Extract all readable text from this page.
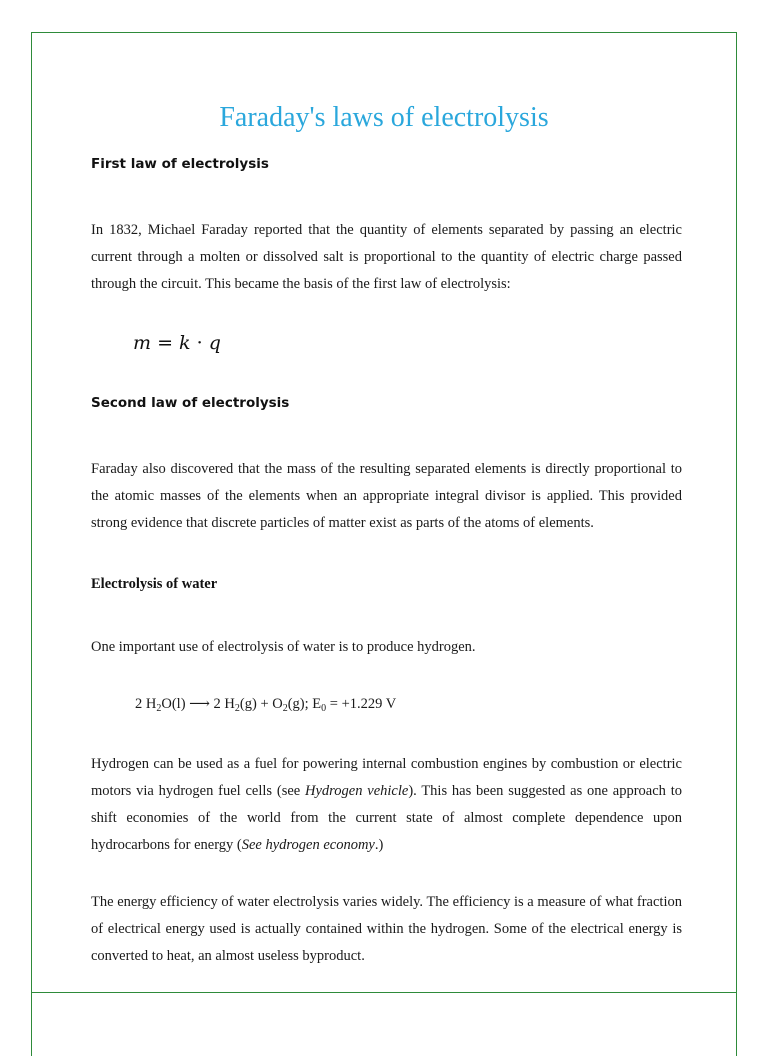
Faraday's laws of electrolysis
First law of electrolysis
In 1832, Michael Faraday reported that the quantity of elements separated by passing an electric current through a molten or dissolved salt is proportional to the quantity of electric charge passed through the circuit. This became the basis of the first law of electrolysis:
m = k · q
Second law of electrolysis
Faraday also discovered that the mass of the resulting separated elements is directly proportional to the atomic masses of the elements when an appropriate integral divisor is applied. This provided strong evidence that discrete particles of matter exist as parts of the atoms of elements.
Electrolysis of water
One important use of electrolysis of water is to produce hydrogen.
2 $H_2O(l)$ ⟶ 2 $H_2(g) + O_2(g)$; $E_0 = +1.229$ V
Hydrogen can be used as a fuel for powering internal combustion engines by combustion or electric motors via hydrogen fuel cells (see Hydrogen vehicle). This has been suggested as one approach to shift economies of the world from the current state of almost complete dependence upon hydrocarbons for energy (See hydrogen economy.)
The energy efficiency of water electrolysis varies widely. The efficiency is a measure of what fraction of electrical energy used is actually contained within the hydrogen. Some of the electrical energy is converted to heat, an almost useless byproduct.
